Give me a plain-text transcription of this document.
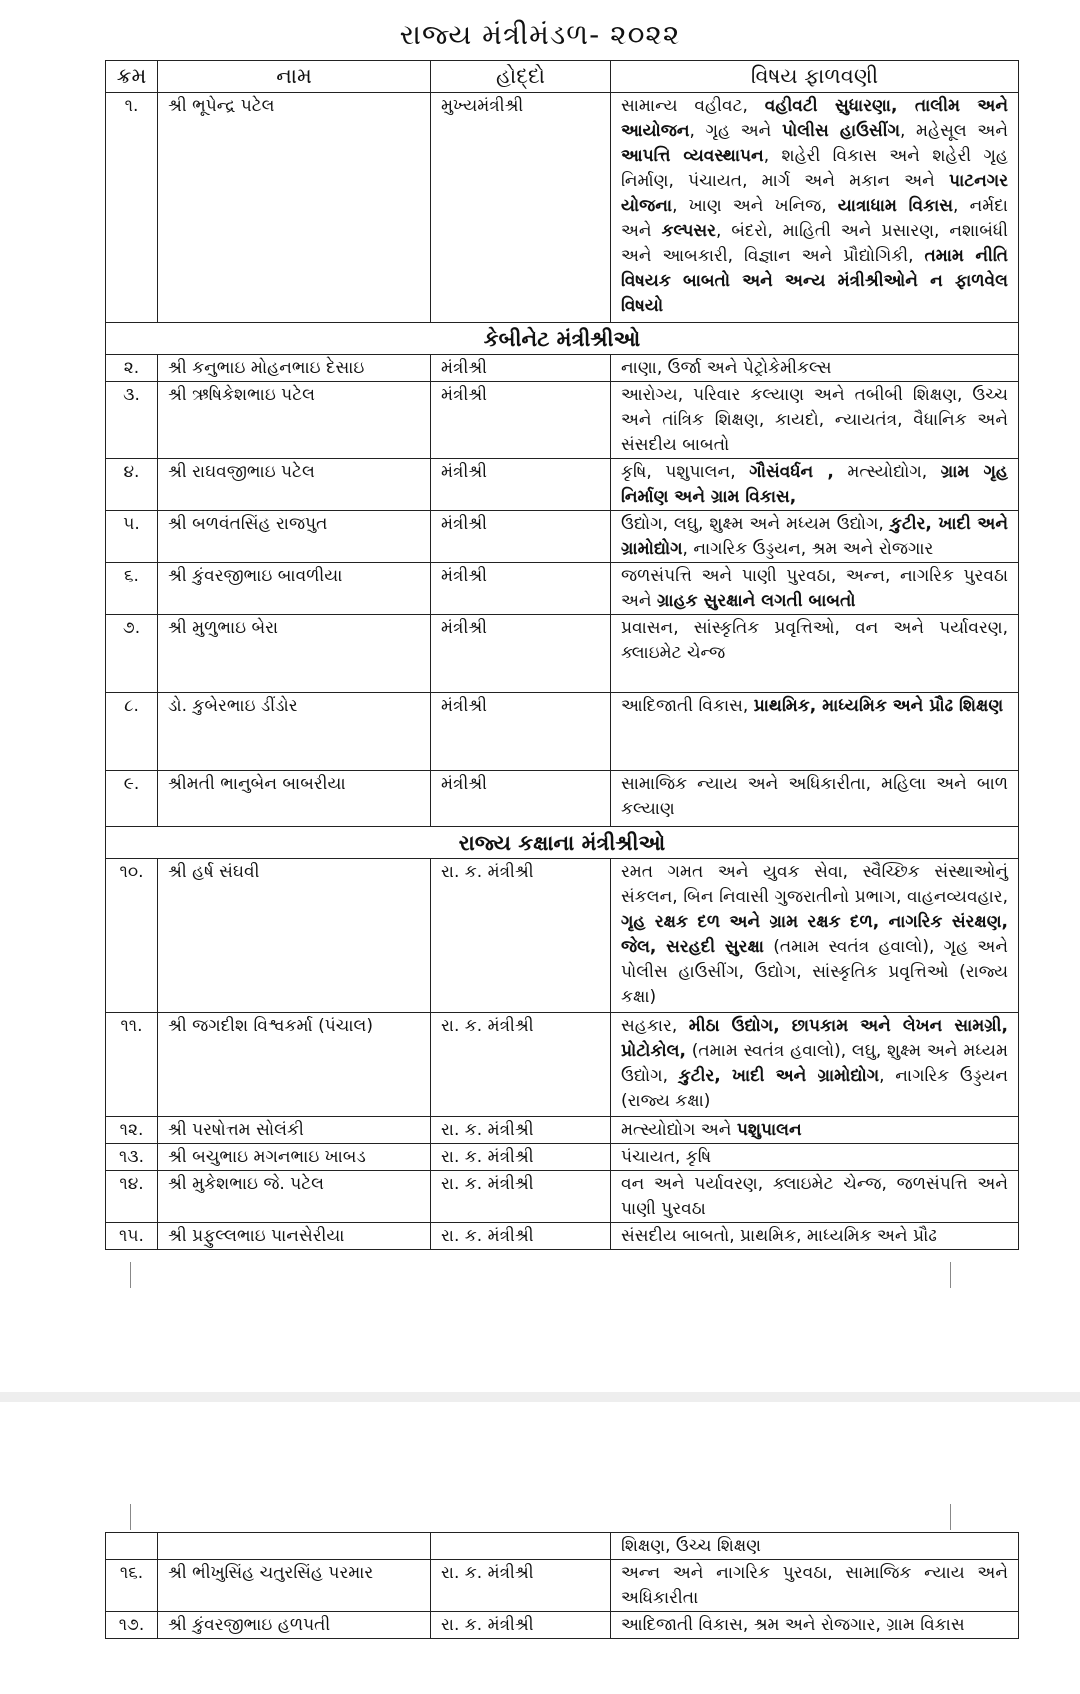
રાજ્ય મંત્રીમંડળ- ૨૦૨૨
ક્રમ	નામ	હોદ્દો	વિષય ફાળવણી
૧.	શ્રી ભૂપેન્દ્ર પટેલ	મુખ્યમંત્રીશ્રી	સામાન્ય વહીવટ, વહીવટી સુધારણા, તાલીમ અને આયોજન, ગૃહ અને પોલીસ હાઉસીંગ, મહેસૂલ અને આપત્તિ વ્યવસ્થાપન, શહેરી વિકાસ અને શહેરી ગૃહ નિર્માણ, પંચાયત, માર્ગ અને મકાન અને પાટનગર યોજના, ખાણ અને ખનિજ, યાત્રાધામ વિકાસ, નર્મદા અને કલ્પસર, બંદરો, માહિતી અને પ્રસારણ, નશાબંધી અને આબકારી, વિજ્ઞાન અને પ્રૌદ્યોગિકી, તમામ નીતિ વિષયક બાબતો અને અન્ય મંત્રીશ્રીઓને ન ફાળવેલ વિષયો
કેબીનેટ મંત્રીશ્રીઓ			
૨.	શ્રી કનુભાઇ મોહનભાઇ દેસાઇ	મંત્રીશ્રી	નાણા, ઉર્જા અને પેટ્રોકેમીકલ્સ
૩.	શ્રી ઋષિકેશભાઇ પટેલ	મંત્રીશ્રી	આરોગ્ય, પરિવાર કલ્યાણ અને તબીબી શિક્ષણ, ઉચ્ચ અને તાંત્રિક શિક્ષણ, કાયદો, ન્યાયતંત્ર, વૈધાનિક અને સંસદીય બાબતો
૪.	શ્રી રાઘવજીભાઇ પટેલ	મંત્રીશ્રી	કૃષિ, પશુપાલન, ગૌસંવર્ધન , મત્સ્યોદ્યોગ, ગ્રામ ગૃહ નિર્માણ અને ગ્રામ વિકાસ,
૫.	શ્રી બળવંતસિંહ રાજપુત	મંત્રીશ્રી	ઉદ્યોગ, લઘુ, શુક્ષ્મ અને મધ્યમ ઉદ્યોગ, કુટીર, ખાદી અને ગ્રામોદ્યોગ, નાગરિક ઉડ્ડયન, શ્રમ અને રોજગાર
૬.	શ્રી કુંવરજીભાઇ બાવળીયા	મંત્રીશ્રી	જળસંપત્તિ અને પાણી પુરવઠા, અન્ન, નાગરિક પુરવઠા અને ગ્રાહક સુરક્ષાને લગતી બાબતો
૭.	શ્રી મુળુભાઇ બેરા	મંત્રીશ્રી	પ્રવાસન, સાંસ્કૃતિક પ્રવૃત્તિઓ, વન અને પર્યાવરણ, ક્લાઇમેટ ચેન્જ
૮.	ડો. કુબેરભાઇ ડીંડોર	મંત્રીશ્રી	આદિજાતી વિકાસ, પ્રાથમિક, માધ્યમિક અને પ્રૌઢ શિક્ષણ
૯.	શ્રીમતી ભાનુબેન બાબરીયા	મંત્રીશ્રી	સામાજિક ન્યાય અને અધિકારીતા, મહિલા અને બાળ કલ્યાણ
રાજ્ય કક્ષાના મંત્રીશ્રીઓ			
૧૦.	શ્રી હર્ષ સંઘવી	રા. ક. મંત્રીશ્રી	રમત ગમત અને યુવક સેવા, સ્વૈચ્છિક સંસ્થાઓનું સંકલન, બિન નિવાસી ગુજરાતીનો પ્રભાગ, વાહનવ્યવહાર, ગૃહ રક્ષક દળ અને ગ્રામ રક્ષક દળ, નાગરિક સંરક્ષણ, જેલ, સરહદી સુરક્ષા (તમામ સ્વતંત્ર હવાલો), ગૃહ અને પોલીસ હાઉસીંગ, ઉદ્યોગ, સાંસ્કૃતિક પ્રવૃત્તિઓ (રાજ્ય કક્ષા)
૧૧.	શ્રી જગદીશ વિશ્વકર્મા (પંચાલ)	રા. ક. મંત્રીશ્રી	સહકાર, મીઠા ઉદ્યોગ, છાપકામ અને લેખન સામગ્રી, પ્રોટોકોલ, (તમામ સ્વતંત્ર હવાલો), લઘુ, શુક્ષ્મ અને મધ્યમ ઉદ્યોગ, કુટીર, ખાદી અને ગ્રામોદ્યોગ, નાગરિક ઉડ્ડયન (રાજ્ય કક્ષા)
૧૨.	શ્રી પરષોત્તમ સોલંકી	રા. ક. મંત્રીશ્રી	મત્સ્યોદ્યોગ અને પશુપાલન
૧૩.	શ્રી બચુભાઇ મગનભાઇ ખાબડ	રા. ક. મંત્રીશ્રી	પંચાયત, કૃષિ
૧૪.	શ્રી મુકેશભાઇ જે. પટેલ	રા. ક. મંત્રીશ્રી	વન અને પર્યાવરણ, ક્લાઇમેટ ચેન્જ, જળસંપત્તિ અને પાણી પુરવઠા
૧૫.	શ્રી પ્રફુલ્લભાઇ પાનસેરીયા	રા. ક. મંત્રીશ્રી	સંસદીય બાબતો, પ્રાથમિક, માધ્યમિક અને પ્રૌઢ
			શિક્ષણ, ઉચ્ચ શિક્ષણ
૧૬.	શ્રી ભીખુસિંહ ચતુરસિંહ પરમાર	રા. ક. મંત્રીશ્રી	અન્ન અને નાગરિક પુરવઠા, સામાજિક ન્યાય અને અધિકારીતા
૧૭.	શ્રી કુંવરજીભાઇ હળપતી	રા. ક. મંત્રીશ્રી	આદિજાતી વિકાસ, શ્રમ અને રોજગાર, ગ્રામ વિકાસ
